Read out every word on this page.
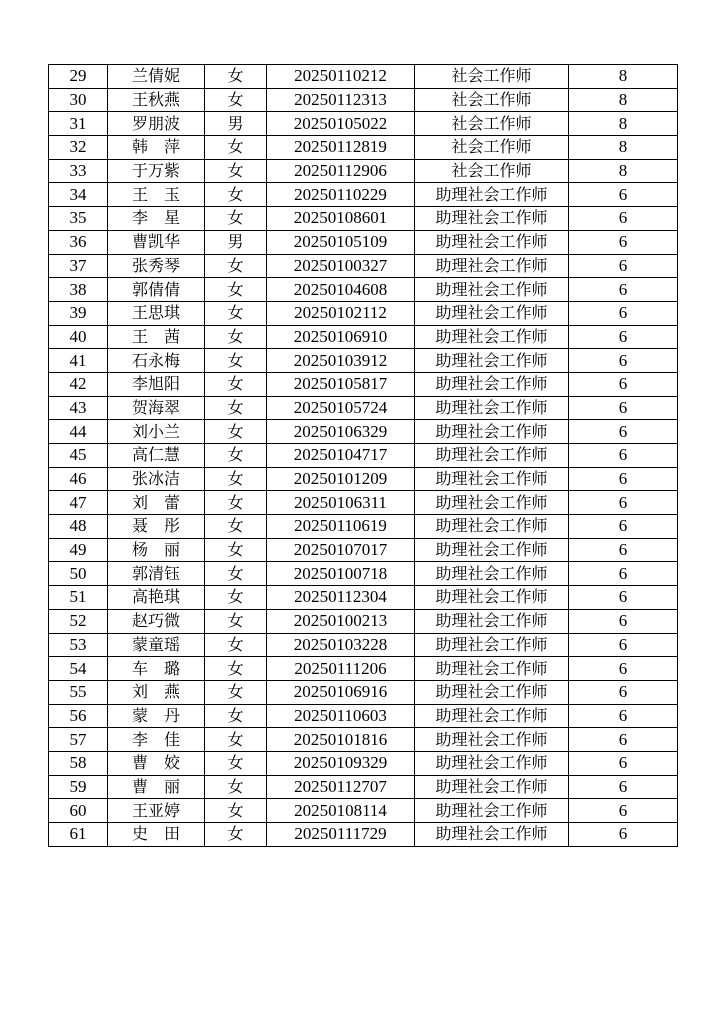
29	兰倩妮	女	20250110212	社会工作师	8
30	王秋燕	女	20250112313	社会工作师	8
31	罗朋波	男	20250105022	社会工作师	8
32	韩　萍	女	20250112819	社会工作师	8
33	于万紫	女	20250112906	社会工作师	8
34	王　玉	女	20250110229	助理社会工作师	6
35	李　星	女	20250108601	助理社会工作师	6
36	曹凯华	男	20250105109	助理社会工作师	6
37	张秀琴	女	20250100327	助理社会工作师	6
38	郭倩倩	女	20250104608	助理社会工作师	6
39	王思琪	女	20250102112	助理社会工作师	6
40	王　茜	女	20250106910	助理社会工作师	6
41	石永梅	女	20250103912	助理社会工作师	6
42	李旭阳	女	20250105817	助理社会工作师	6
43	贺海翠	女	20250105724	助理社会工作师	6
44	刘小兰	女	20250106329	助理社会工作师	6
45	高仁慧	女	20250104717	助理社会工作师	6
46	张冰洁	女	20250101209	助理社会工作师	6
47	刘　蕾	女	20250106311	助理社会工作师	6
48	聂　彤	女	20250110619	助理社会工作师	6
49	杨　丽	女	20250107017	助理社会工作师	6
50	郭清钰	女	20250100718	助理社会工作师	6
51	高艳琪	女	20250112304	助理社会工作师	6
52	赵巧微	女	20250100213	助理社会工作师	6
53	蒙童瑶	女	20250103228	助理社会工作师	6
54	车　璐	女	20250111206	助理社会工作师	6
55	刘　燕	女	20250106916	助理社会工作师	6
56	蒙　丹	女	20250110603	助理社会工作师	6
57	李　佳	女	20250101816	助理社会工作师	6
58	曹　姣	女	20250109329	助理社会工作师	6
59	曹　丽	女	20250112707	助理社会工作师	6
60	王亚婷	女	20250108114	助理社会工作师	6
61	史　田	女	20250111729	助理社会工作师	6
